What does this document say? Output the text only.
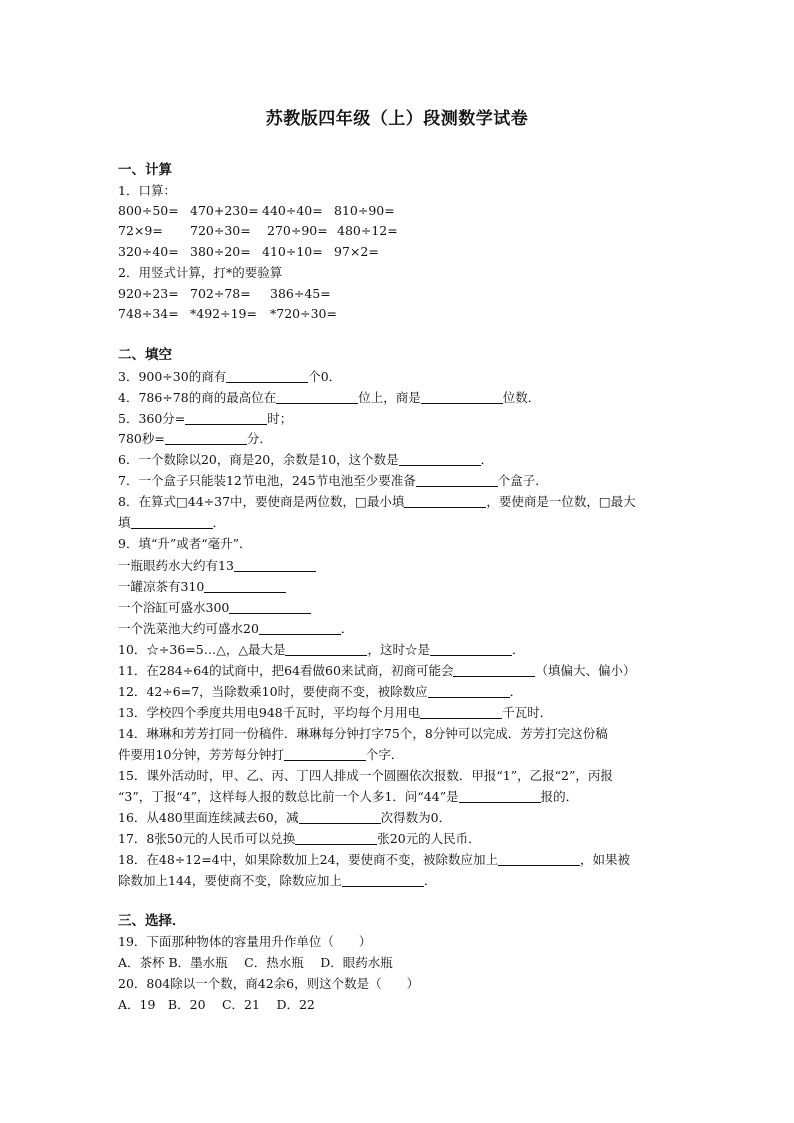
苏教版四年级（上）段测数学试卷
一、计算
1．口算：
800÷50= 470+230= 440÷40= 810÷90=
72×9= 720÷30= 270÷90= 480÷12=
320÷40= 380÷20= 410÷10= 97×2=
2．用竖式计算，打*的要验算
920÷23= 702÷78= 386÷45=
748÷34= *492÷19= *720÷30=
二、填空
3．900÷30的商有	个0．
4．786÷78的商的最高位在	位上，商是	位数．
5．360分=	时；
780秒=	分．
6．一个数除以20，商是20，余数是10，这个数是	．
7．一个盒子只能装12节电池，245节电池至少要准备	个盒子．
8．在算式□44÷37中，要使商是两位数，□最小填	，要使商是一位数，□最大
填	．
9．填“升”或者“毫升”．
一瓶眼药水大约有13
一罐凉茶有310
一个浴缸可盛水300
一个洗菜池大约可盛水20	．
10．☆÷36=5…△，△最大是	，这时☆是	．
11．在284÷64的试商中，把64看做60来试商，初商可能会	（填偏大、偏小）
12．42÷6=7，当除数乘10时，要使商不变，被除数应	．
13．学校四个季度共用电948千瓦时，平均每个月用电	千瓦时．
14．琳琳和芳芳打同一份稿件．琳琳每分钟打字75个，8分钟可以完成．芳芳打完这份稿
件要用10分钟，芳芳每分钟打	个字．
15．课外活动时，甲、乙、丙、丁四人排成一个圆圈依次报数．甲报“1”，乙报“2”，丙报
“3”，丁报“4”，这样每人报的数总比前一个人多1．问“44”是	报的．
16．从480里面连续减去60，减	次得数为0．
17．8张50元的人民币可以兑换	张20元的人民币．
18．在48÷12=4中，如果除数加上24，要使商不变，被除数应加上	，如果被
除数加上144，要使商不变，除数应加上	．
三、选择．
19．下面那种物体的容量用升作单位（　　）
A．茶杯 B．墨水瓶　 C．热水瓶　 D．眼药水瓶
20．804除以一个数，商42余6，则这个数是（　　）
A．19　B．20　 C．21　 D．22
